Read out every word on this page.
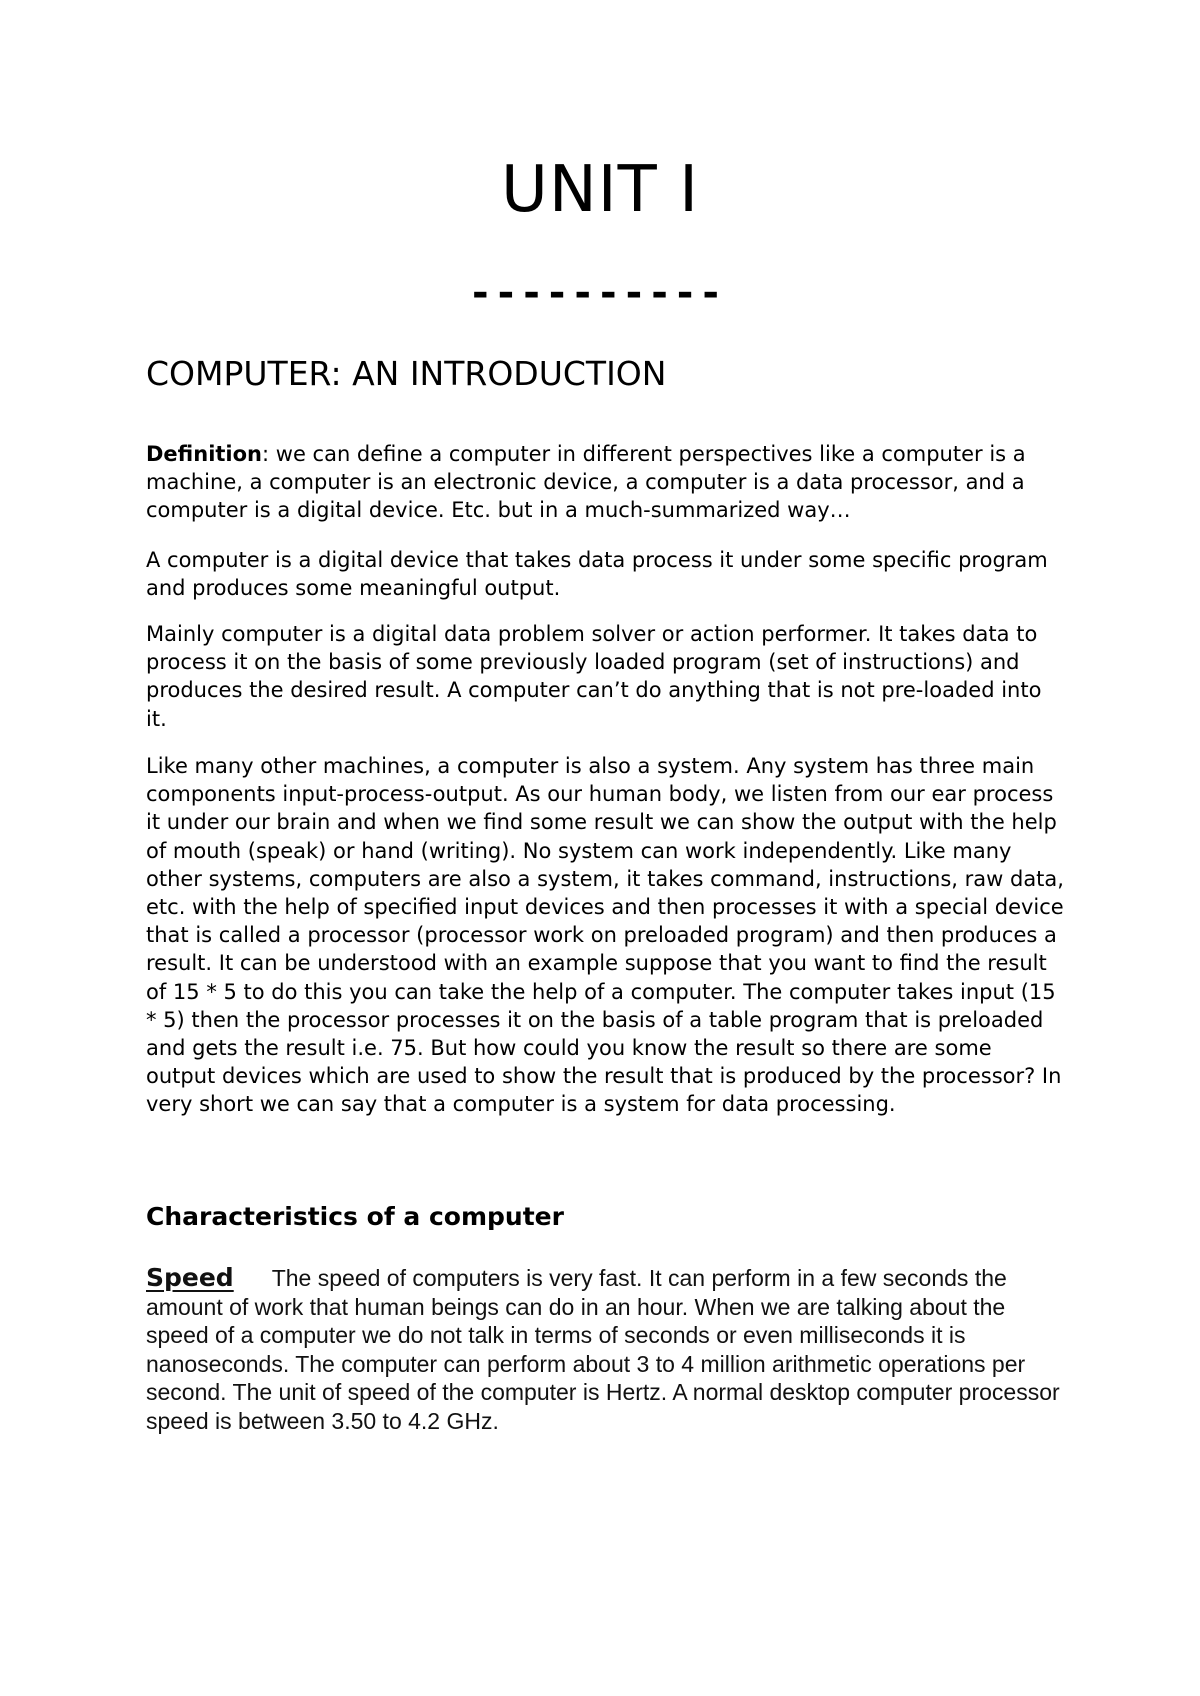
UNIT I
----------
COMPUTER: AN INTRODUCTION

Definition: we can define a computer in different perspectives like a computer is a machine, a computer is an electronic device, a computer is a data processor, and a computer is a digital device. Etc. but in a much-summarized way…

A computer is a digital device that takes data process it under some specific program and produces some meaningful output.

Mainly computer is a digital data problem solver or action performer. It takes data to process it on the basis of some previously loaded program (set of instructions) and produces the desired result. A computer can’t do anything that is not pre-loaded into it.

Like many other machines, a computer is also a system. Any system has three main components input-process-output. As our human body, we listen from our ear process it under our brain and when we find some result we can show the output with the help of mouth (speak) or hand (writing). No system can work independently. Like many other systems, computers are also a system, it takes command, instructions, raw data, etc. with the help of specified input devices and then processes it with a special device that is called a processor (processor work on preloaded program) and then produces a result. It can be understood with an example suppose that you want to find the result of 15 * 5 to do this you can take the help of a computer. The computer takes input (15 * 5) then the processor processes it on the basis of a table program that is preloaded and gets the result i.e. 75. But how could you know the result so there are some output devices which are used to show the result that is produced by the processor? In very short we can say that a computer is a system for data processing.

Characteristics of a computer

Speed The speed of computers is very fast. It can perform in a few seconds the amount of work that human beings can do in an hour. When we are talking about the speed of a computer we do not talk in terms of seconds or even milliseconds it is nanoseconds. The computer can perform about 3 to 4 million arithmetic operations per second. The unit of speed of the computer is Hertz. A normal desktop computer processor speed is between 3.50 to 4.2 GHz.
